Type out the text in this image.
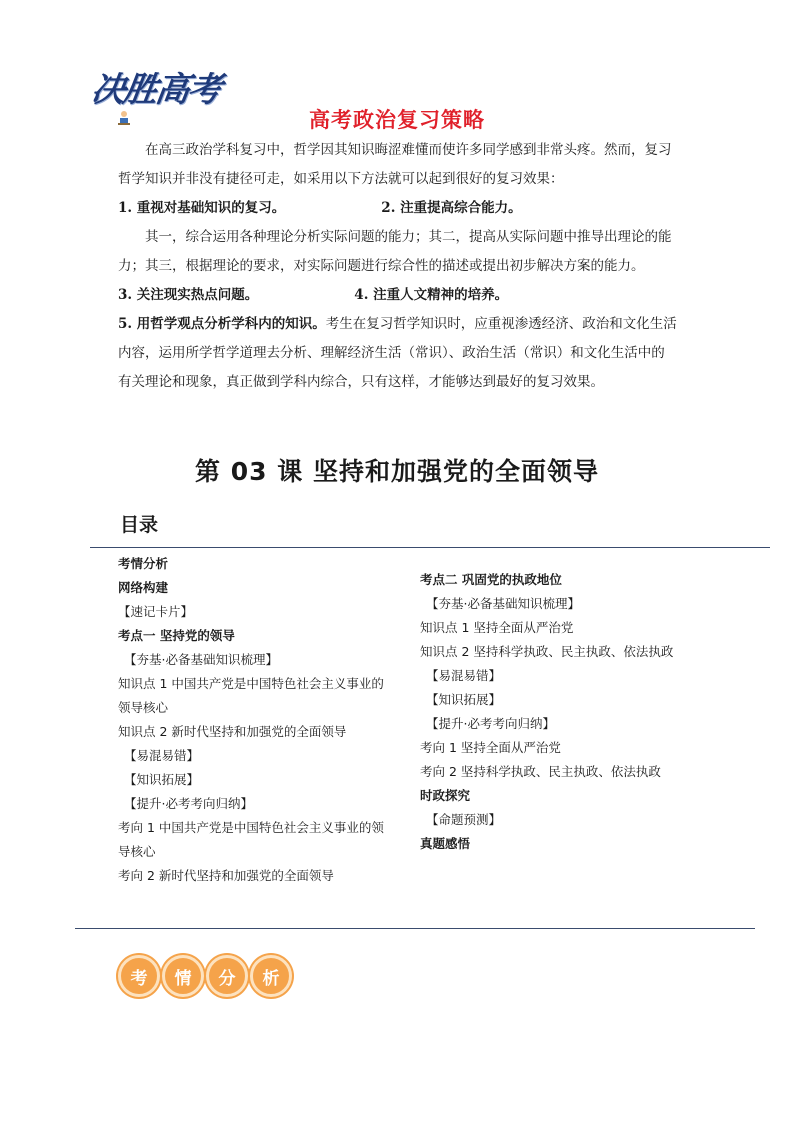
决胜高考
高考政治复习策略

在高三政治学科复习中，哲学因其知识晦涩难懂而使许多同学感到非常头疼。然而，复习哲学知识并非没有捷径可走，如采用以下方法就可以起到很好的复习效果：

1. 重视对基础知识的复习。	2. 注重提高综合能力。

其一，综合运用各种理论分析实际问题的能力；其二，提高从实际问题中推导出理论的能力；其三，根据理论的要求，对实际问题进行综合性的描述或提出初步解决方案的能力。

3. 关注现实热点问题。	4. 注重人文精神的培养。

5. 用哲学观点分析学科内的知识。考生在复习哲学知识时，应重视渗透经济、政治和文化生活内容，运用所学哲学道理去分析、理解经济生活（常识）、政治生活（常识）和文化生活中的有关理论和现象，真正做到学科内综合，只有这样，才能够达到最好的复习效果。

第 03 课 坚持和加强党的全面领导
目录
考情分析
网络构建
【速记卡片】
考点一 坚持党的领导
【夯基·必备基础知识梳理】
知识点 1 中国共产党是中国特色社会主义事业的领导核心
知识点 2 新时代坚持和加强党的全面领导
【易混易错】
【知识拓展】
【提升·必考考向归纳】
考向 1 中国共产党是中国特色社会主义事业的领导核心
考向 2 新时代坚持和加强党的全面领导
考点二 巩固党的执政地位
【夯基·必备基础知识梳理】
知识点 1 坚持全面从严治党
知识点 2 坚持科学执政、民主执政、依法执政
【易混易错】
【知识拓展】
【提升·必考考向归纳】
考向 1 坚持全面从严治党
考向 2 坚持科学执政、民主执政、依法执政
时政探究
【命题预测】
真题感悟
考	情	分	析
